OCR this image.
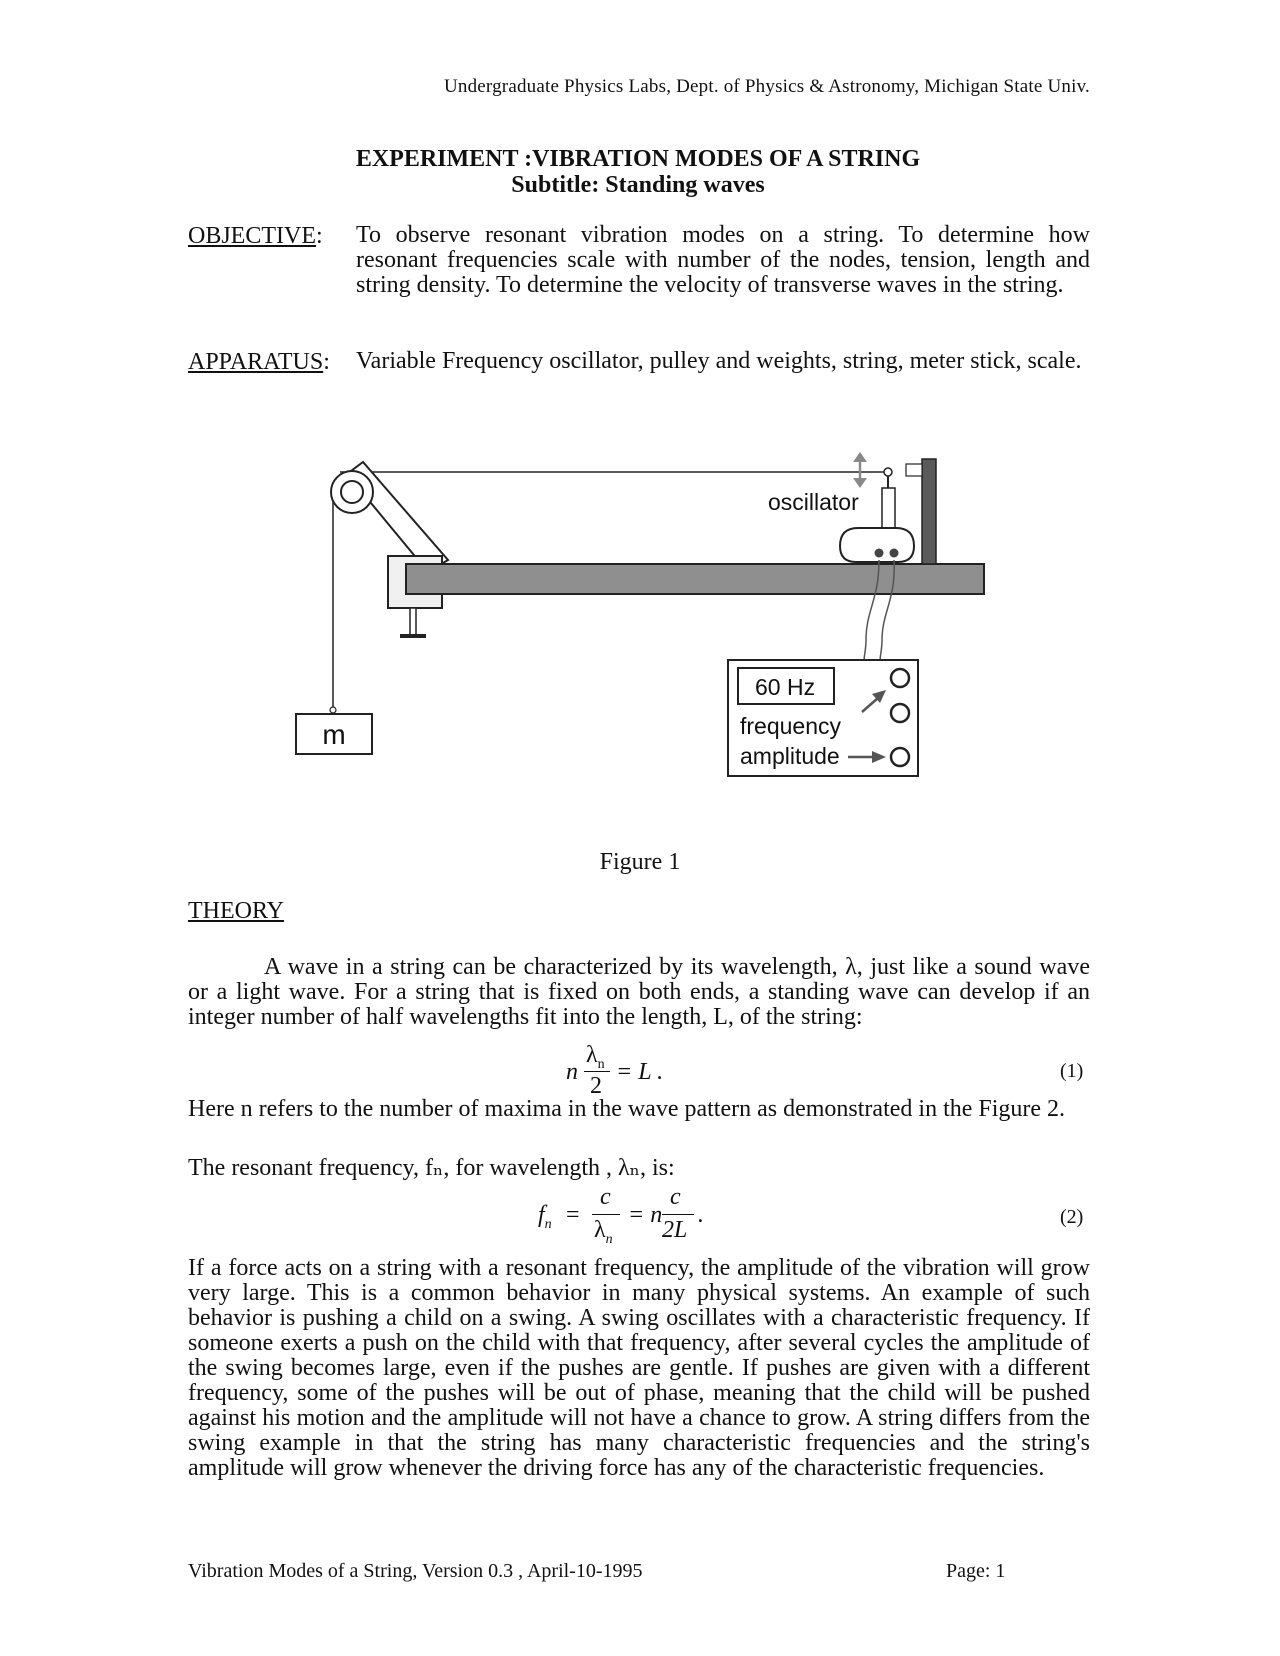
Undergraduate Physics Labs, Dept. of Physics & Astronomy, Michigan State Univ.
EXPERIMENT :VIBRATION MODES OF A STRING
Subtitle: Standing waves
OBJECTIVE: To observe resonant vibration modes on a string. To determine how resonant frequencies scale with number of the nodes, tension, length and string density. To determine the velocity of transverse waves in the string.
APPARATUS: Variable Frequency oscillator, pulley and weights, string, meter stick, scale.
oscillator
60 Hz
frequency
amplitude
m
Figure 1
THEORY
A wave in a string can be characterized by its wavelength, λ, just like a sound wave or a light wave. For a string that is fixed on both ends, a standing wave can develop if an integer number of half wavelengths fit into the length, L, of the string:
n
$\lambda_n$
2
= L .	(1)
Here n refers to the number of maxima in the wave pattern as demonstrated in the Figure 2.
The resonant frequency, fₙ, for wavelength , λₙ, is:
$f_n$ =
c
$\lambda_n$
= n
c
2L
.	(2)
If a force acts on a string with a resonant frequency, the amplitude of the vibration will grow very large. This is a common behavior in many physical systems. An example of such behavior is pushing a child on a swing. A swing oscillates with a characteristic frequency. If someone exerts a push on the child with that frequency, after several cycles the amplitude of the swing becomes large, even if the pushes are gentle. If pushes are given with a different frequency, some of the pushes will be out of phase, meaning that the child will be pushed against his motion and the amplitude will not have a chance to grow. A string differs from the swing example in that the string has many characteristic frequencies and the string's amplitude will grow whenever the driving force has any of the characteristic frequencies.
Vibration Modes of a String, Version 0.3 , April-10-1995	Page: 1
